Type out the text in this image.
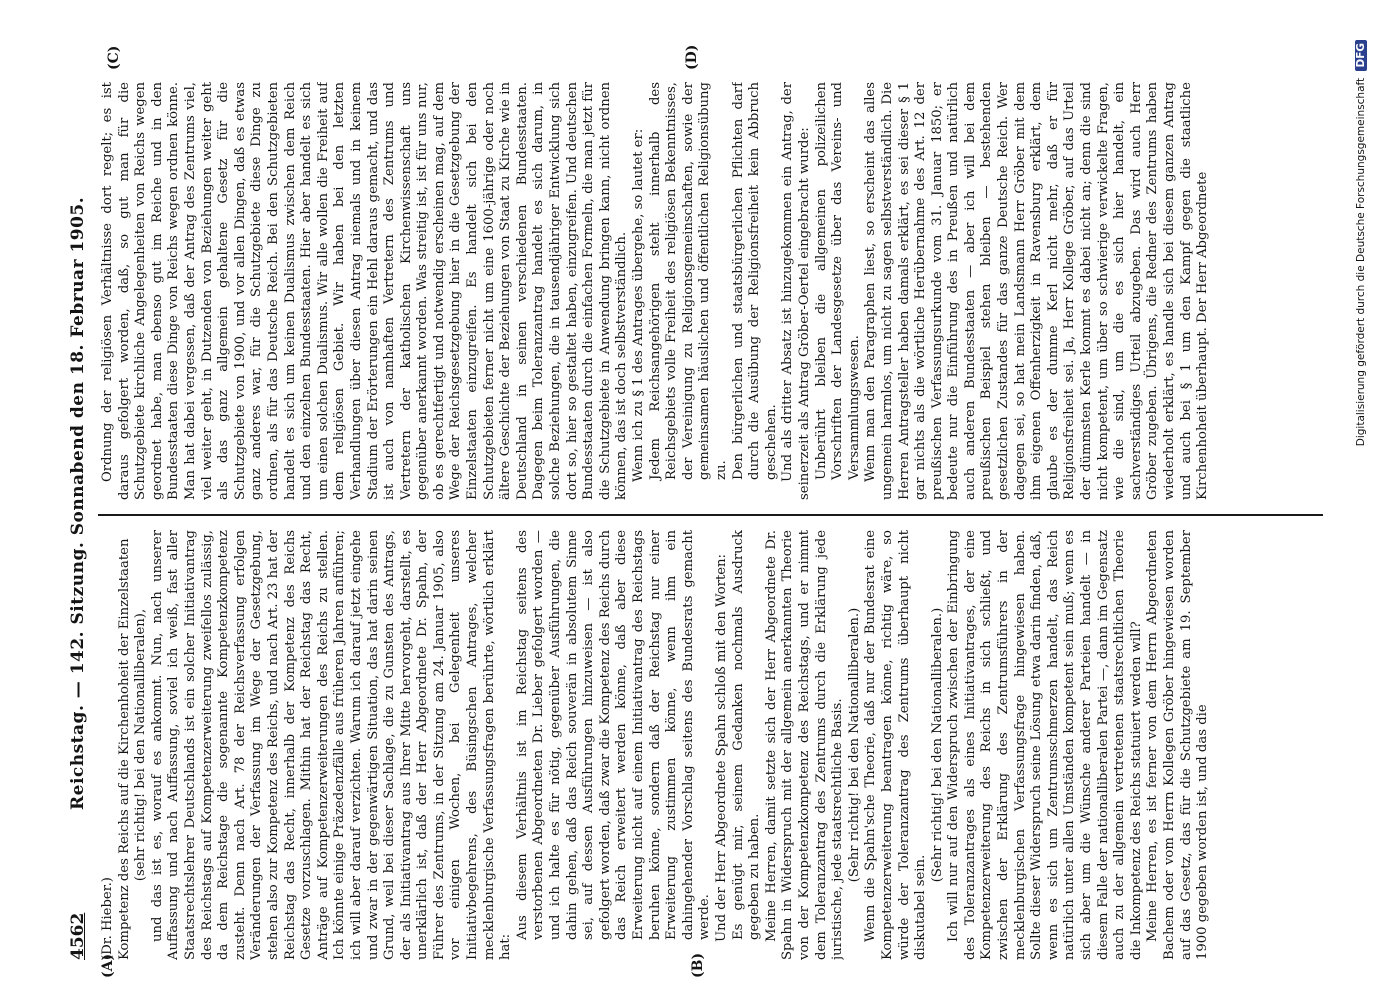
4562
Reichstag. — 142. Sitzung. Sonnabend den 18. Februar 1905.
(A)	(B)
(C)	(D)

(Dr. Hieber.) Kompetenz des Reichs auf die Kirchenhoheit der Einzelstaaten (sehr richtig! bei den Nationalliberalen), und das ist es, worauf es ankommt. Nun, nach unserer Auffassung und nach Auffassung, soviel ich weiß, fast aller Staatsrechtslehrer Deutschlands ist ein solcher Initiativantrag des Reichstags auf Kompetenzerweiterung zweifellos zulässig, da dem Reichstage die sogenannte Kompetenzkompetenz zusteht. Denn nach Art. 78 der Reichsverfassung erfolgen Veränderungen der Verfassung im Wege der Gesetzgebung, stehen also zur Kompetenz des Reichs, und nach Art. 23 hat der Reichstag das Recht, innerhalb der Kompetenz des Reichs Gesetze vorzuschlagen. Mithin hat der Reichstag das Recht, Anträge auf Kompetenzerweiterungen des Reichs zu stellen. Ich könnte einige Präzedenzfälle aus früheren Jahren anführen; ich will aber darauf verzichten. Warum ich darauf jetzt eingehe und zwar in der gegenwärtigen Situation, das hat darin seinen Grund, weil bei dieser Sachlage, die zu Gunsten des Antrags, der als Initiativantrag aus Ihrer Mitte hervorgeht, darstellt, es unerklärlich ist, daß der Herr Abgeordnete Dr. Spahn, der Führer des Zentrums, in der Sitzung am 24. Januar 1905, also vor einigen Wochen, bei Gelegenheit unseres Initiativbegehrens, des Büsingschen Antrages, welcher mecklenburgische Verfassungsfragen berührte, wörtlich erklärt hat:

Aus diesem Verhältnis ist im Reichstag seitens des verstorbenen Abgeordneten Dr. Lieber gefolgert worden — und ich halte es für nötig, gegenüber Ausführungen, die dahin gehen, daß das Reich souverän in absolutem Sinne sei, auf dessen Ausführungen hinzuweisen — ist also gefolgert worden, daß zwar die Kompetenz des Reichs durch das Reich erweitert werden könne, daß aber diese Erweiterung nicht auf einem Initiativantrag des Reichstags beruhen könne, sondern daß der Reichstag nur einer Erweiterung zustimmen könne, wenn ihm ein dahingehender Vorschlag seitens des Bundesrats gemacht werde. Und der Herr Abgeordnete Spahn schloß mit den Worten: Es genügt mir, seinem Gedanken nochmals Ausdruck gegeben zu haben. Meine Herren, damit setzte sich der Herr Abgeordnete Dr. Spahn in Widerspruch mit der allgemein anerkannten Theorie von der Kompetenzkompetenz des Reichstags, und er nimmt dem Toleranzantrag des Zentrums durch die Erklärung jede juristische, jede staatsrechtliche Basis. (Sehr richtig! bei den Nationalliberalen.) Wenn die Spahn'sche Theorie, daß nur der Bundesrat eine Kompetenzerweiterung beantragen könne, richtig wäre, so würde der Toleranzantrag des Zentrums überhaupt nicht diskutabel sein.

(Sehr richtig! bei den Nationalliberalen.) Ich will nur auf den Widerspruch zwischen der Einbringung des Toleranzantrages als eines Initiativantrages, der eine Kompetenzerweiterung des Reichs in sich schließt, und zwischen der Erklärung des Zentrumsführers in der mecklenburgischen Verfassungsfrage hingewiesen haben. Sollte dieser Widerspruch seine Lösung etwa darin finden, daß, wenn es sich um Zentrumsschmerzen handelt, das Reich natürlich unter allen Umständen kompetent sein muß; wenn es sich aber um die Wünsche anderer Parteien handelt — in diesem Falle der nationalliberalen Partei —, dann im Gegensatz auch zu der allgemein vertretenen staatsrechtlichen Theorie die Inkompetenz des Reichs statuiert werden will? Meine Herren, es ist ferner von dem Herrn Abgeordneten Bachem oder vom Herrn Kollegen Gröber hingewiesen worden auf das Gesetz, das für die Schutzgebiete am 19. September 1900 gegeben worden ist, und das die

Ordnung der religiösen Verhältnisse dort regelt; es ist daraus gefolgert worden, daß, so gut man für die Schutzgebiete kirchliche Angelegenheiten von Reichs wegen geordnet habe, man ebenso gut im Reiche und in den Bundesstaaten diese Dinge von Reichs wegen ordnen könne. Man hat dabei vergessen, daß der Antrag des Zentrums viel, viel weiter geht, in Dutzenden von Beziehungen weiter geht als das ganz allgemein gehaltene Gesetz für die Schutzgebiete von 1900, und vor allen Dingen, daß es etwas ganz anderes war, für die Schutzgebiete diese Dinge zu ordnen, als für das Deutsche Reich. Bei den Schutzgebieten handelt es sich um keinen Dualismus zwischen dem Reich und den einzelnen Bundesstaaten. Hier aber handelt es sich um einen solchen Dualismus. Wir alle wollen die Freiheit auf dem religiösen Gebiet. Wir haben bei den letzten Verhandlungen über diesen Antrag niemals und in keinem Stadium der Erörterungen ein Hehl daraus gemacht, und das ist auch von namhaften Vertretern des Zentrums und Vertretern der katholischen Kirchenwissenschaft uns gegenüber anerkannt worden. Was streitig ist, ist für uns nur, ob es gerechtfertigt und notwendig erscheinen mag, auf dem Wege der Reichsgesetzgebung hier in die Gesetzgebung der Einzelstaaten einzugreifen. Es handelt sich bei den Schutzgebieten ferner nicht um eine 1600-jährige oder noch ältere Geschichte der Beziehungen von Staat zu Kirche wie in Deutschland in seinen verschiedenen Bundesstaaten. Dagegen beim Toleranzantrag handelt es sich darum, in solche Beziehungen, die in tausendjähriger Entwicklung sich dort so, hier so gestaltet haben, einzugreifen. Und deutschen Bundesstaaten durch die einfachen Formeln, die man jetzt für die Schutzgebiete in Anwendung bringen kann, nicht ordnen können, das ist doch selbstverständlich. Wenn ich zu § 1 des Antrages übergehe, so lautet er: Jedem Reichsangehörigen steht innerhalb des Reichsgebiets volle Freiheit des religiösen Bekenntnisses, der Vereinigung zu Religionsgemeinschaften, sowie der gemeinsamen häuslichen und öffentlichen Religionsübung zu. Den bürgerlichen und staatsbürgerlichen Pflichten darf durch die Ausübung der Religionsfreiheit kein Abbruch geschehen. Und als dritter Absatz ist hinzugekommen ein Antrag, der seinerzeit als Antrag Gröber-Oertel eingebracht wurde: Unberührt bleiben die allgemeinen polizeilichen Vorschriften der Landesgesetze über das Vereins- und Versammlungswesen. Wenn man den Paragraphen liest, so erscheint das alles ungemein harmlos, um nicht zu sagen selbstverständlich. Die Herren Antragsteller haben damals erklärt, es sei dieser § 1 gar nichts als die wörtliche Herübernahme des Art. 12 der preußischen Verfassungsurkunde vom 31. Januar 1850; er bedeute nur die Einführung des in Preußen und natürlich auch anderen Bundesstaaten — aber ich will bei dem preußischen Beispiel stehen bleiben — bestehenden gesetzlichen Zustandes für das ganze Deutsche Reich. Wer dagegen sei, so hat mein Landsmann Herr Gröber mit dem ihm eigenen Offenherzigkeit in Ravensburg erklärt, dem glaube es der dumme Kerl nicht mehr, daß er für Religionsfreiheit sei. Ja, Herr Kollege Gröber, auf das Urteil der dümmsten Kerle kommt es dabei nicht an; denn die sind nicht kompetent, um über so schwierige verwickelte Fragen, wie die sind, um die es sich hier handelt, ein sachverständiges Urteil abzugeben. Das wird auch Herr Gröber zugeben. Übrigens, die Redner des Zentrums haben wiederholt erklärt, es handle sich bei diesem ganzen Antrag und auch bei § 1 um den Kampf gegen die staatliche Kirchenhoheit überhaupt. Der Herr Abgeordnete	Digitalisierung gefördert durch die Deutsche Forschungsgemeinschaft DFG
